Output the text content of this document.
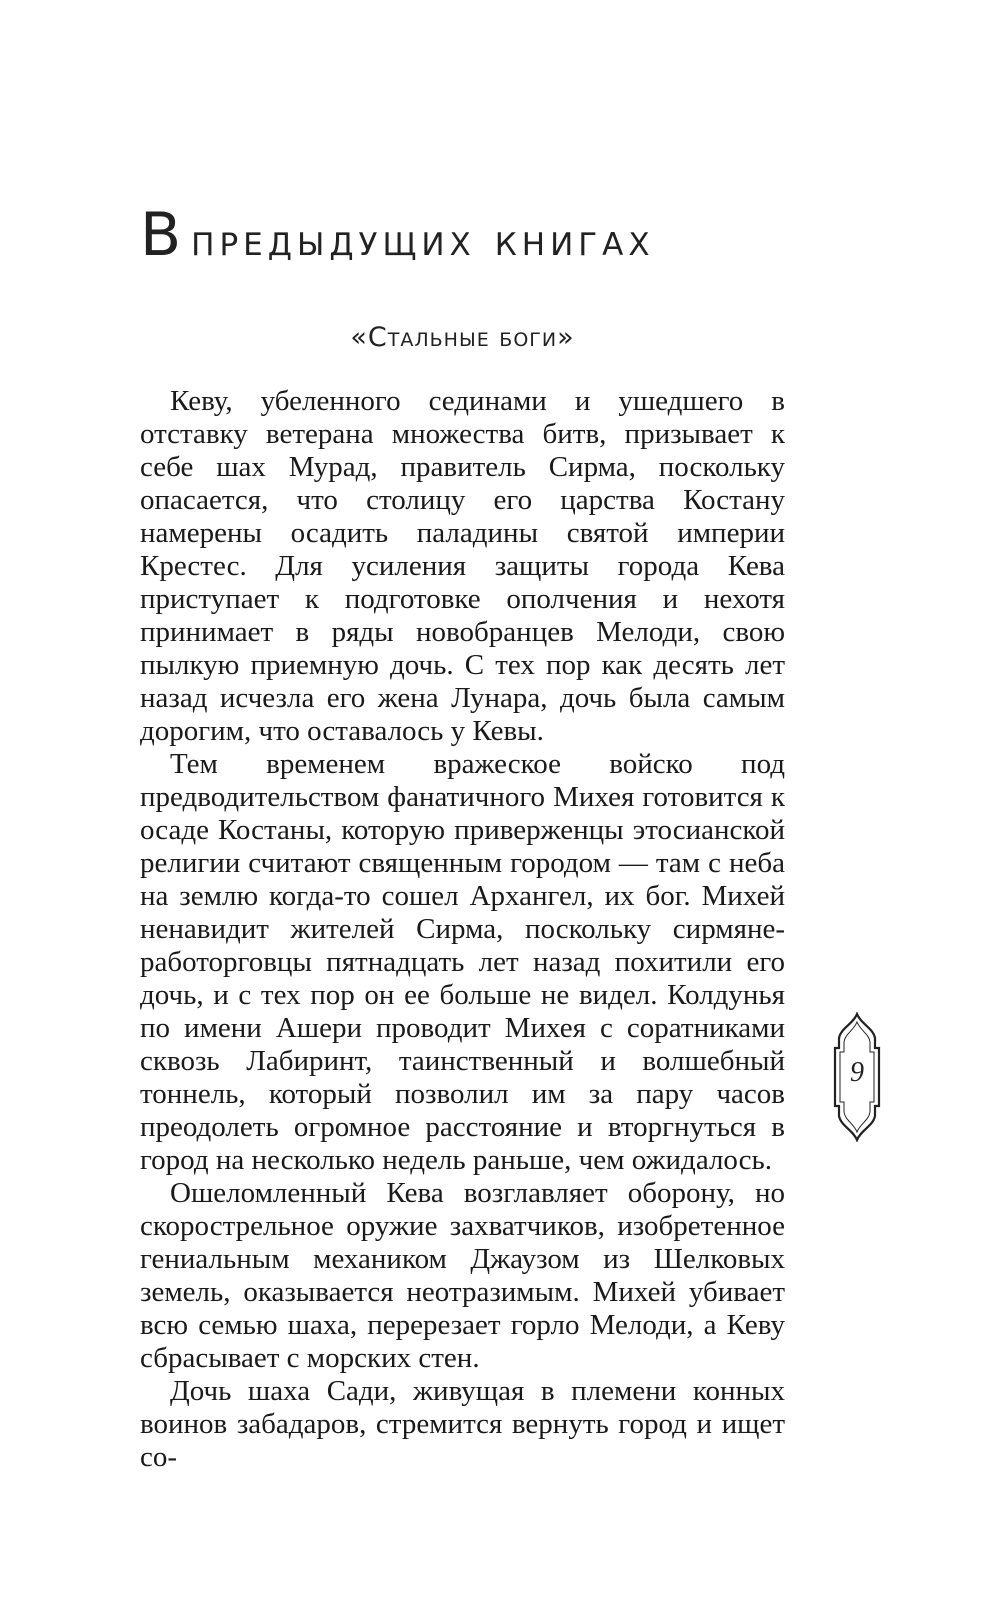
В предыдущих книгах
«Стальные боги»

Кеву, убеленного сединами и ушедшего в отставку ветерана множества битв, призывает к себе шах Мурад, правитель Сирма, поскольку опасается, что столицу его царства Костану намерены осадить паладины святой империи Крестес. Для усиления защиты города Кева приступает к подготовке ополчения и нехотя принимает в ряды новобранцев Мелоди, свою пылкую приемную дочь. С тех пор как десять лет назад исчезла его жена Лунара, дочь была самым дорогим, что оставалось у Кевы.

Тем временем вражеское войско под предводительством фанатичного Михея готовится к осаде Костаны, которую приверженцы этосианской религии считают священным городом — там с неба на землю когда-то сошел Архангел, их бог. Михей ненавидит жителей Сирма, поскольку сирмяне-работорговцы пятнадцать лет назад похитили его дочь, и с тех пор он ее больше не видел. Колдунья по имени Ашери проводит Михея с соратниками сквозь Лабиринт, таинственный и волшебный тоннель, который позволил им за пару часов преодолеть огромное расстояние и вторгнуться в город на несколько недель раньше, чем ожидалось.

Ошеломленный Кева возглавляет оборону, но скорострельное оружие захватчиков, изобретенное гениальным механиком Джаузом из Шелковых земель, оказывается неотразимым. Михей убивает всю семью шаха, перерезает горло Мелоди, а Кеву сбрасывает с морских стен.

Дочь шаха Сади, живущая в племени конных воинов забадаров, стремится вернуть город и ищет со-

9
